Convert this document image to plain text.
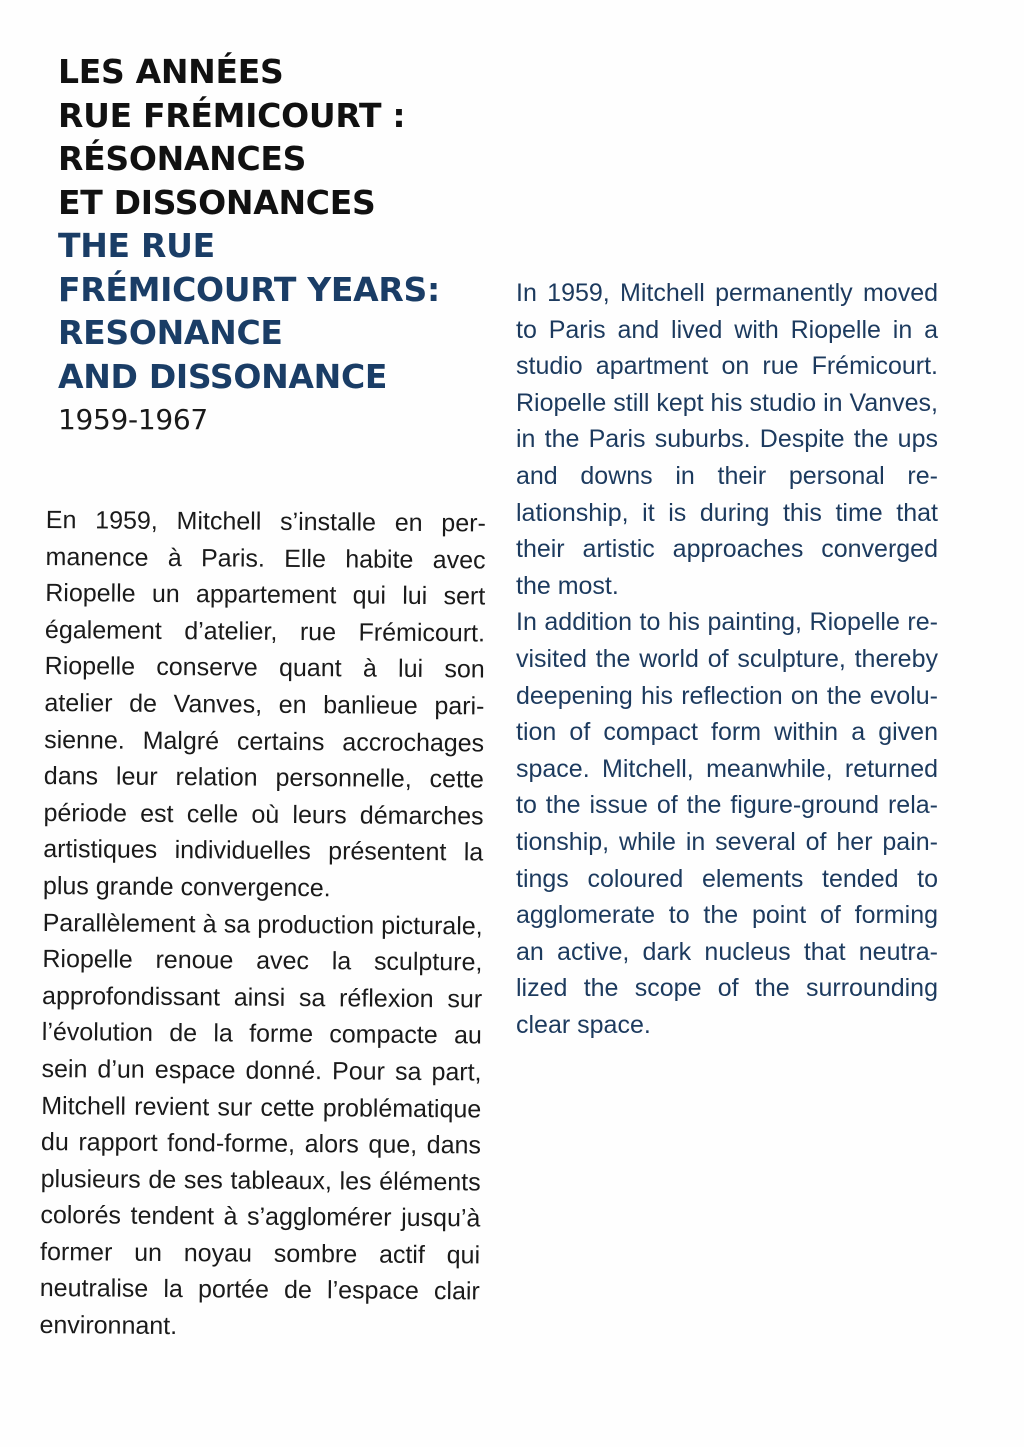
LES ANNÉES
RUE FRÉMICOURT :
RÉSONANCES
ET DISSONANCES
THE RUE
FRÉMICOURT YEARS:
RESONANCE
AND DISSONANCE
1959-1967

En 1959, Mitchell s’installe en permanence à Paris. Elle habite avec Riopelle un appartement qui lui sert également d’atelier, rue Frémicourt. Riopelle conserve quant à lui son atelier de Vanves, en banlieue parisienne. Malgré certains accrochages dans leur relation personnelle, cette période est celle où leurs démarches artistiques individuelles présentent la plus grande convergence.

Parallèlement à sa production picturale, Riopelle renoue avec la sculpture, approfondissant ainsi sa réflexion sur l’évolution de la forme compacte au sein d’un espace donné. Pour sa part, Mitchell revient sur cette problématique du rapport fond-forme, alors que, dans plusieurs de ses tableaux, les éléments colorés tendent à s’agglomérer jusqu’à former un noyau sombre actif qui neutralise la portée de l’espace clair environnant.

In 1959, Mitchell permanently moved to Paris and lived with Riopelle in a studio apartment on rue Frémicourt. Riopelle still kept his studio in Vanves, in the Paris suburbs. Despite the ups and downs in their personal relationship, it is during this time that their artistic approaches converged the most.

In addition to his painting, Riopelle revisited the world of sculpture, thereby deepening his reflection on the evolution of compact form within a given space. Mitchell, meanwhile, returned to the issue of the figure-ground relationship, while in several of her paintings coloured elements tended to agglomerate to the point of forming an active, dark nucleus that neutralized the scope of the surrounding clear space.
